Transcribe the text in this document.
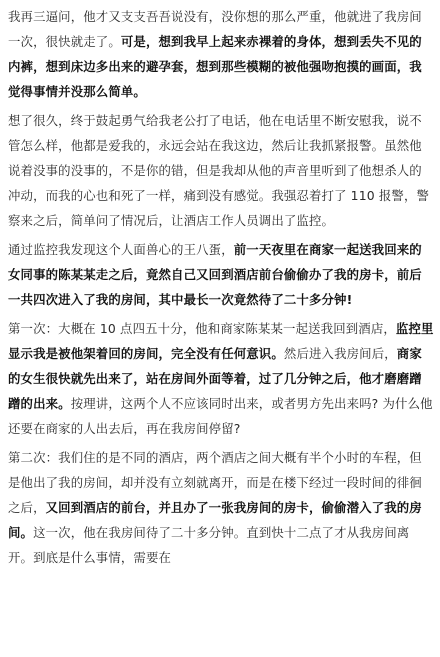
我再三逼问，他才又支支吾吾说没有，没你想的那么严重，他就进了我房间一次，很快就走了。可是，想到我早上起来赤裸着的身体，想到丢失不见的内裤，想到床边多出来的避孕套，想到那些模糊的被他强吻抱摸的画面，我觉得事情并没那么简单。

想了很久，终于鼓起勇气给我老公打了电话，他在电话里不断安慰我，说不管怎么样，他都是爱我的，永远会站在我这边，然后让我抓紧报警。虽然他说着没事的没事的，不是你的错，但是我却从他的声音里听到了他想杀人的冲动，而我的心也和死了一样，痛到没有感觉。我强忍着打了 110 报警，警察来之后，简单问了情况后，让酒店工作人员调出了监控。

通过监控我发现这个人面兽心的王八蛋，前一天夜里在商家一起送我回来的女同事的陈某某走之后，竟然自己又回到酒店前台偷偷办了我的房卡，前后一共四次进入了我的房间，其中最长一次竟然待了二十多分钟!

第一次：大概在 10 点四五十分，他和商家陈某某一起送我回到酒店，监控里显示我是被他架着回的房间，完全没有任何意识。然后进入我房间后，商家的女生很快就先出来了，站在房间外面等着，过了几分钟之后，他才磨磨蹭蹭的出来。按理讲，这两个人不应该同时出来，或者男方先出来吗? 为什么他还要在商家的人出去后，再在我房间停留?

第二次：我们住的是不同的酒店，两个酒店之间大概有半个小时的车程，但是他出了我的房间，却并没有立刻就离开，而是在楼下经过一段时间的徘徊之后，又回到酒店的前台，并且办了一张我房间的房卡，偷偷潜入了我的房间。这一次，他在我房间待了二十多分钟。直到快十二点了才从我房间离开。到底是什么事情，需要在
